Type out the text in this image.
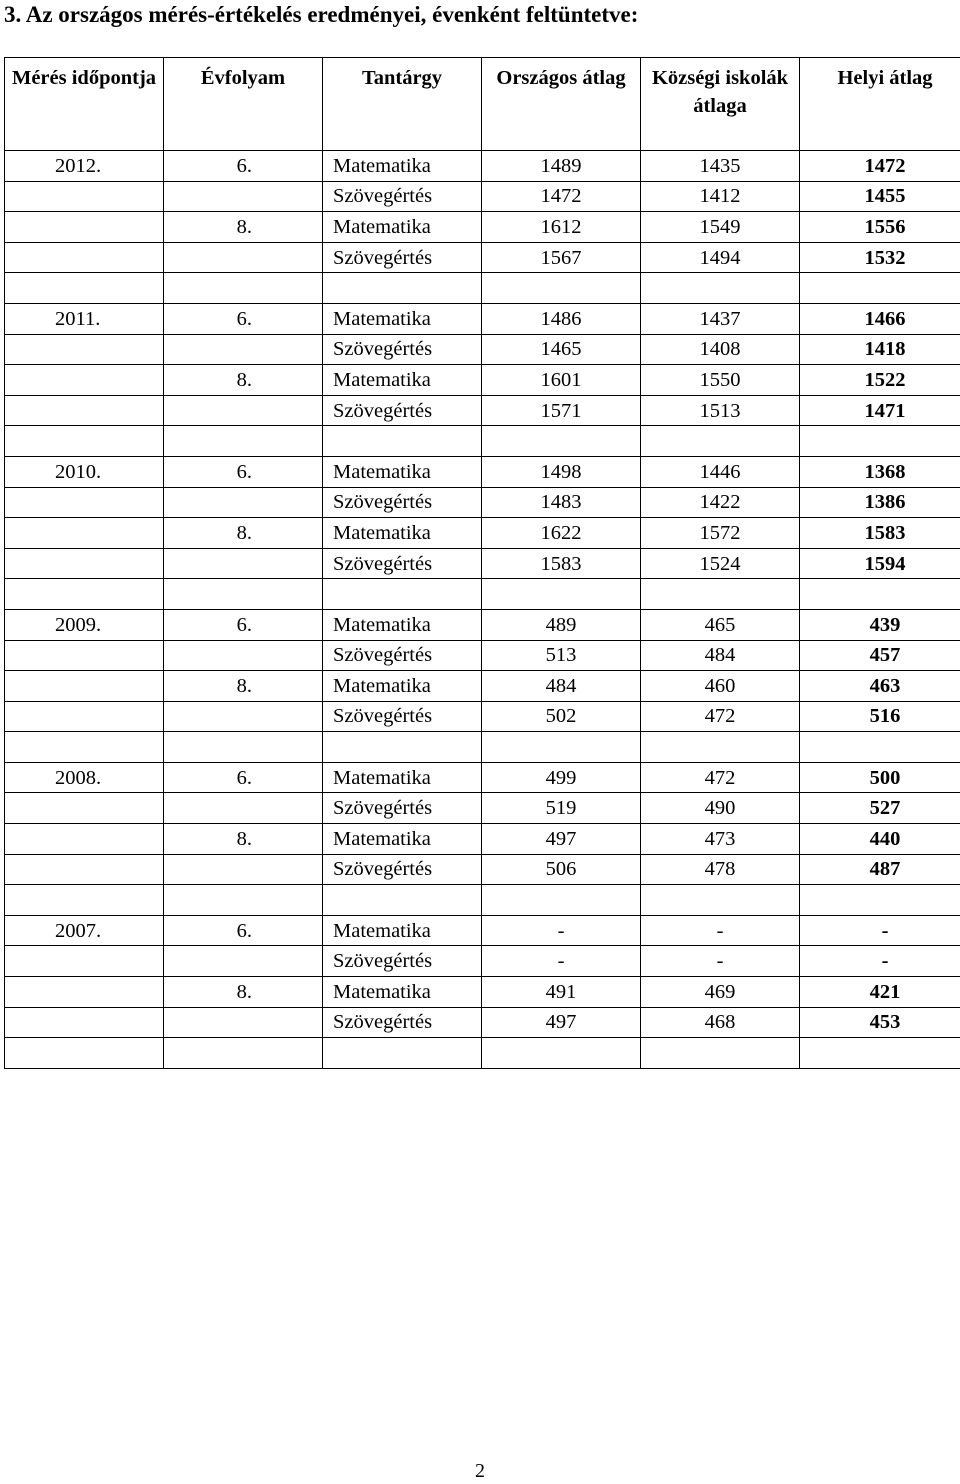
3. Az országos mérés-értékelés eredményei, évenként feltüntetve:
Mérés időpontja	Évfolyam	Tantárgy	Országos átlag	Községi iskolák átlaga	Helyi átlag
2012.	6.	Matematika	1489	1435	1472
		Szövegértés	1472	1412	1455
	8.	Matematika	1612	1549	1556
		Szövegértés	1567	1494	1532

2011.	6.	Matematika	1486	1437	1466
		Szövegértés	1465	1408	1418
	8.	Matematika	1601	1550	1522
		Szövegértés	1571	1513	1471

2010.	6.	Matematika	1498	1446	1368
		Szövegértés	1483	1422	1386
	8.	Matematika	1622	1572	1583
		Szövegértés	1583	1524	1594

2009.	6.	Matematika	489	465	439
		Szövegértés	513	484	457
	8.	Matematika	484	460	463
		Szövegértés	502	472	516

2008.	6.	Matematika	499	472	500
		Szövegértés	519	490	527
	8.	Matematika	497	473	440
		Szövegértés	506	478	487

2007.	6.	Matematika	-	-	-
		Szövegértés	-	-	-
	8.	Matematika	491	469	421
		Szövegértés	497	468	453

2
